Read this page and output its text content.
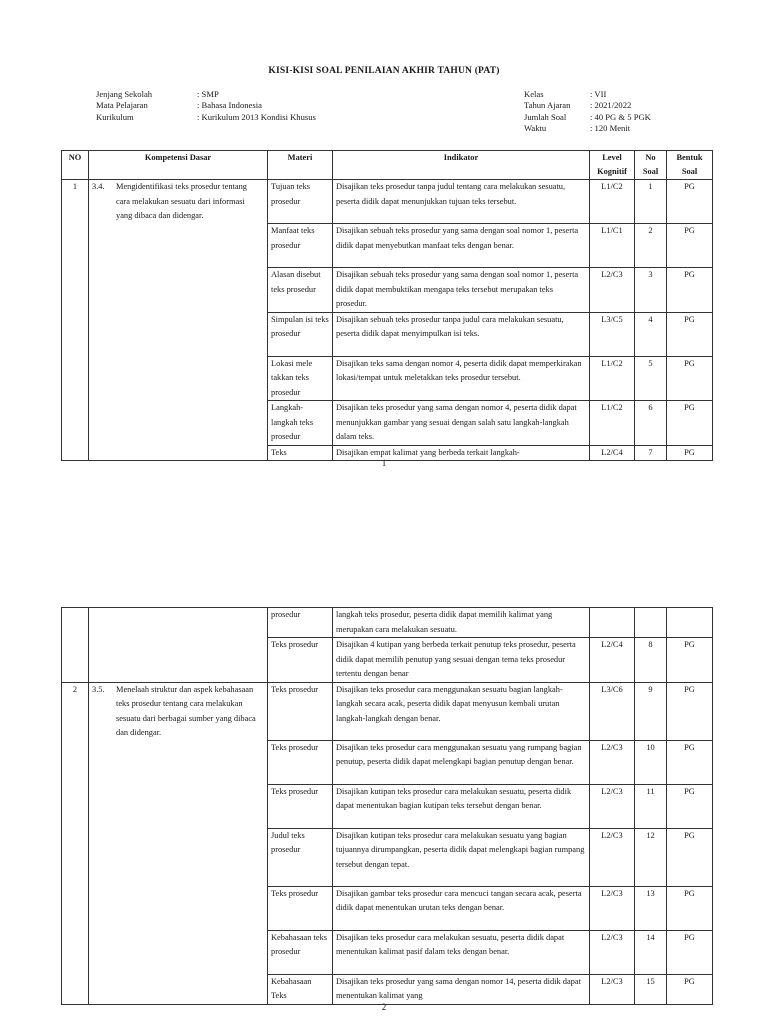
KISI-KISI SOAL PENILAIAN AKHIR TAHUN (PAT)
Jenjang Sekolah	: SMP
Mata Pelajaran	: Bahasa Indonesia
Kurikulum	: Kurikulum 2013 Kondisi Khusus
Kelas	: VII
Tahun Ajaran : 2021/2022
Jumlah Soal	: 40 PG & 5 PGK
Waktu	: 120 Menit
NO	Kompetensi Dasar	Materi	Indikator	Level Kognitif	No Soal	Bentuk Soal
1	3.4. Mengidentifikasi teks prosedur tentang cara melakukan sesuatu dari informasi yang dibaca dan didengar.	Tujuan teks prosedur	Disajikan teks prosedur tanpa judul tentang cara melakukan sesuatu, peserta didik dapat menunjukkan tujuan teks tersebut.	L1/C2	1	PG
		Manfaat teks prosedur	Disajikan sebuah teks prosedur yang sama dengan soal nomor 1, peserta didik dapat menyebutkan manfaat teks dengan benar.	L1/C1	2	PG
		Alasan disebut teks prosedur	Disajikan sebuah teks prosedur yang sama dengan soal nomor 1, peserta didik dapat membuktikan mengapa teks tersebut merupakan teks prosedur.	L2/C3	3	PG
		Simpulan isi teks prosedur	Disajikan sebuah teks prosedur tanpa judul cara melakukan sesuatu, peserta didik dapat menyimpulkan isi teks.	L3/C5	4	PG
		Lokasi mele takkan teks prosedur	Disajikan teks sama dengan nomor 4, peserta didik dapat memperkirakan lokasi/tempat untuk meletakkan teks prosedur tersebut.	L1/C2	5	PG
		Langkah-langkah teks prosedur	Disajikan teks prosedur yang sama dengan nomor 4, peserta didik dapat menunjukkan gambar yang sesuai dengan salah satu langkah-langkah dalam teks.	L1/C2	6	PG
		Teks	Disajikan empat kalimat yang berbeda terkait langkah-	L2/C4	7	PG
1
		prosedur	langkah teks prosedur, peserta didik dapat memilih kalimat yang merupakan cara melakukan sesuatu.			
		Teks prosedur	Disajikan 4 kutipan yang berbeda terkait penutup teks prosedur, peserta didik dapat memilih penutup yang sesuai dengan tema teks prosedur tertentu dengan benar	L2/C4	8	PG
2	3.5. Menelaah struktur dan aspek kebahasaan teks prosedur tentang cara melakukan sesuatu dari berbagai sumber yang dibaca dan didengar.	Teks prosedur	Disajikan teks prosedur cara menggunakan sesuatu bagian langkah-langkah secara acak, peserta didik dapat menyusun kembali urutan langkah-langkah dengan benar.	L3/C6	9	PG
		Teks prosedur	Disajikan teks prosedur cara menggunakan sesuatu yang rumpang bagian penutup, peserta didik dapat melengkapi bagian penutup dengan benar.	L2/C3	10	PG
		Teks prosedur	Disajikan kutipan teks prosedur cara melakukan sesuatu, peserta didik dapat menentukan bagian kutipan teks tersebut dengan benar.	L2/C3	11	PG
		Judul teks prosedur	Disajikan kutipan teks prosedur cara melakukan sesuatu yang bagian tujuannya dirumpangkan, peserta didik dapat melengkapi bagian rumpang tersebut dengan tepat.	L2/C3	12	PG
		Teks prosedur	Disajikan gambar teks prosedur cara mencuci tangan secara acak, peserta didik dapat menentukan urutan teks dengan benar.	L2/C3	13	PG
		Kebahasaan teks prosedur	Disajikan teks prosedur cara melakukan sesuatu, peserta didik dapat menentukan kalimat pasif dalam teks dengan benar.	L2/C3	14	PG
		Kebahasaan Teks	Disajikan teks prosedur yang sama dengan nomor 14, peserta didik dapat menentukan kalimat yang	L2/C3	15	PG
2
